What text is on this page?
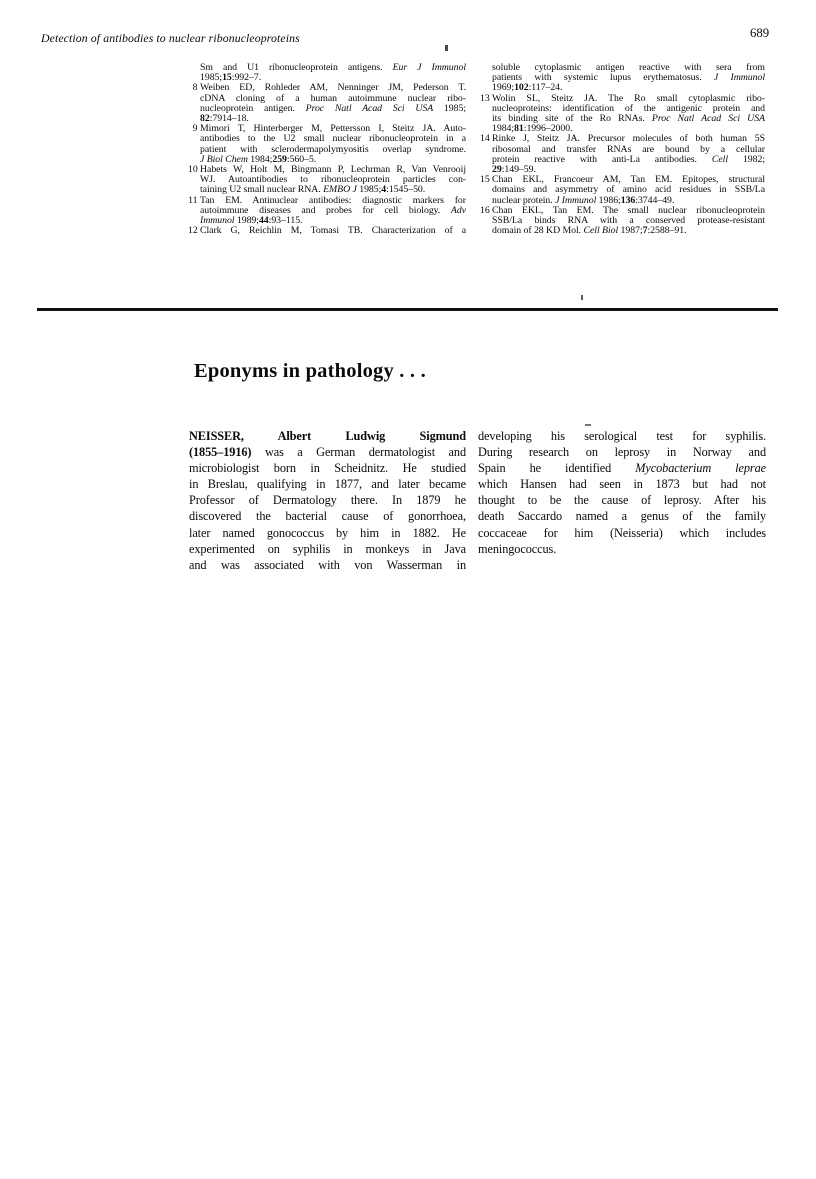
Detection of antibodies to nuclear ribonucleoproteins	689
Sm and U1 ribonucleoprotein antigens. Eur J Immunol
1985;15:992–7.
8 Weiben ED, Rohleder AM, Nenninger JM, Pederson T.
cDNA cloning of a human autoimmune nuclear ribo-
nucleoprotein antigen. Proc Natl Acad Sci USA 1985;
82:7914–18.
9 Mimori T, Hinterberger M, Pettersson I, Steitz JA. Auto-
antibodies to the U2 small nuclear ribonucleoprotein in a
patient with sclerodermapolymyositis overlap syndrome.
J Biol Chem 1984;259:560–5.
10 Habets W, Holt M, Bingmann P, Lechrman R, Van Venrooij
WJ. Autoantibodies to ribonucleoprotein particles con-
taining U2 small nuclear RNA. EMBO J 1985;4:1545–50.
11 Tan EM. Antinuclear antibodies: diagnostic markers for
autoimmune diseases and probes for cell biology. Adv
Immunol 1989;44:93–115.
12 Clark G, Reichlin M, Tomasi TB. Characterization of a
soluble cytoplasmic antigen reactive with sera from
patients with systemic lupus erythematosus. J Immunol
1969;102:117–24.
13 Wolin SL, Steitz JA. The Ro small cytoplasmic ribo-
nucleoproteins: identification of the antigenic protein and
its binding site of the Ro RNAs. Proc Natl Acad Sci USA
1984;81:1996–2000.
14 Rinke J, Steitz JA. Precursor molecules of both human 5S
ribosomal and transfer RNAs are bound by a cellular
protein reactive with anti-La antibodies. Cell 1982;
29:149–59.
15 Chan EKL, Francoeur AM, Tan EM. Epitopes, structural
domains and asymmetry of amino acid residues in SSB/La
nuclear protein. J Immunol 1986;136:3744–49.
16 Chan EKL, Tan EM. The small nuclear ribonucleoprotein
SSB/La binds RNA with a conserved protease-resistant
domain of 28 KD Mol. Cell Biol 1987;7:2588–91.
Eponyms in pathology . . .
NEISSER, Albert Ludwig Sigmund
(1855–1916) was a German dermatologist and
microbiologist born in Scheidnitz. He studied
in Breslau, qualifying in 1877, and later became
Professor of Dermatology there. In 1879 he
discovered the bacterial cause of gonorrhoea,
later named gonococcus by him in 1882. He
experimented on syphilis in monkeys in Java
and was associated with von Wasserman in
developing his serological test for syphilis.
During research on leprosy in Norway and
Spain he identified Mycobacterium leprae
which Hansen had seen in 1873 but had not
thought to be the cause of leprosy. After his
death Saccardo named a genus of the family
coccaceae for him (Neisseria) which includes
meningococcus.
